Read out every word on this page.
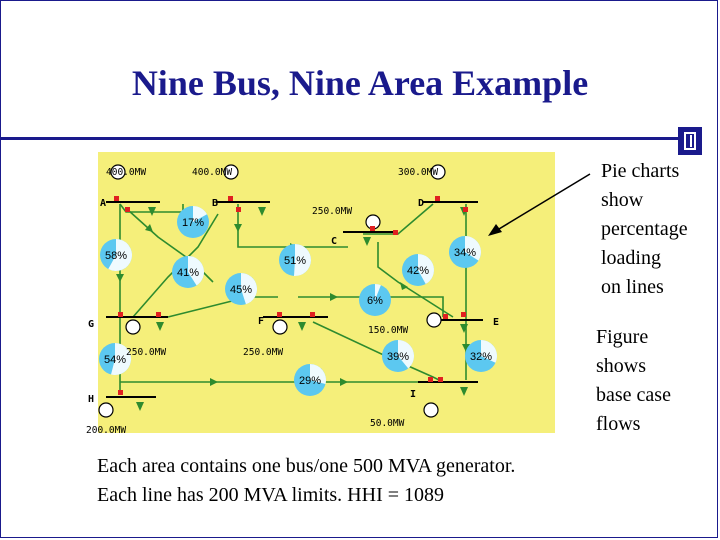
Nine Bus, Nine Area Example
A	B
C
D
E
F
G
H	I
17%
58%
41%
45%
51%
34%
42%
6%
54%	39%	32%
29%
400.0MW	400.0MW
250.0MW
300.0MW
150.0MW
250.0MW
250.0MW
200.0MW
50.0MW
Pie charts
show
percentage
loading
on lines
Figure
shows
base case
flows
Each area contains one bus/one 500 MVA generator.
Each line has 200 MVA limits. HHI = 1089
